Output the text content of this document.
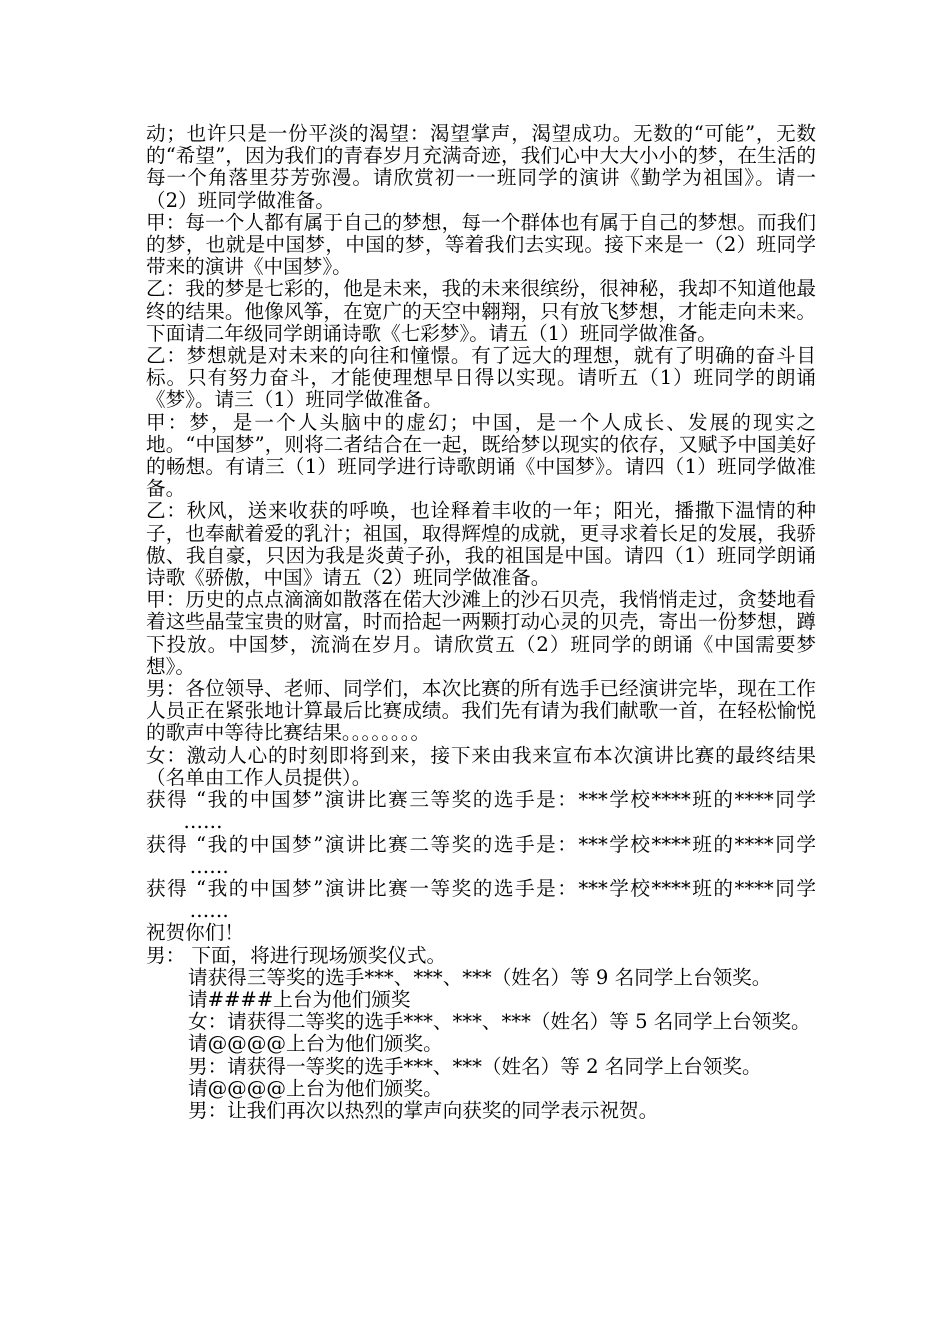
动；也许只是一份平淡的渴望：渴望掌声，渴望成功。无数的“可能”，无数的“希望”，因为我们的青春岁月充满奇迹，我们心中大大小小的梦，在生活的每一个角落里芬芳弥漫。请欣赏初一一班同学的演讲《勤学为祖国》。请一（2）班同学做准备。

甲：每一个人都有属于自己的梦想，每一个群体也有属于自己的梦想。而我们的梦，也就是中国梦，中国的梦，等着我们去实现。接下来是一（2）班同学带来的演讲《中国梦》。

乙：我的梦是七彩的，他是未来，我的未来很缤纷，很神秘，我却不知道他最终的结果。他像风筝，在宽广的天空中翱翔，只有放飞梦想，才能走向未来。下面请二年级同学朗诵诗歌《七彩梦》。请五（1）班同学做准备。

乙：梦想就是对未来的向往和憧憬。有了远大的理想，就有了明确的奋斗目标。只有努力奋斗，才能使理想早日得以实现。请听五（1）班同学的朗诵《梦》。请三（1）班同学做准备。

甲：梦，是一个人头脑中的虚幻；中国，是一个人成长、发展的现实之地。“中国梦”，则将二者结合在一起，既给梦以现实的依存，又赋予中国美好的畅想。有请三（1）班同学进行诗歌朗诵《中国梦》。请四（1）班同学做准备。

乙：秋风，送来收获的呼唤，也诠释着丰收的一年；阳光，播撒下温情的种子，也奉献着爱的乳汁；祖国，取得辉煌的成就，更寻求着长足的发展，我骄傲、我自豪，只因为我是炎黄子孙，我的祖国是中国。请四（1）班同学朗诵诗歌《骄傲，中国》请五（2）班同学做准备。

甲：历史的点点滴滴如散落在偌大沙滩上的沙石贝壳，我悄悄走过，贪婪地看着这些晶莹宝贵的财富，时而拾起一两颗打动心灵的贝壳，寄出一份梦想，蹲下投放。中国梦，流淌在岁月。请欣赏五（2）班同学的朗诵《中国需要梦想》。

男：各位领导、老师、同学们，本次比赛的所有选手已经演讲完毕，现在工作人员正在紧张地计算最后比赛成绩。我们先有请为我们献歌一首，在轻松愉悦的歌声中等待比赛结果。。。。。。。。

女：激动人心的时刻即将到来，接下来由我来宣布本次演讲比赛的最终结果（名单由工作人员提供）。

获得 “我的中国梦”演讲比赛三等奖的选手是：***学校****班的****同学      ……

获得 “我的中国梦”演讲比赛二等奖的选手是：***学校****班的****同学       ……

获得 “我的中国梦”演讲比赛一等奖的选手是：***学校****班的****同学       ……

祝贺你们！

男： 下面，将进行现场颁奖仪式。

请获得三等奖的选手***、***、***（姓名）等 9 名同学上台领奖。

请####上台为他们颁奖

女：请获得二等奖的选手***、***、***（姓名）等 5 名同学上台领奖。

请@@@@上台为他们颁奖。

男：请获得一等奖的选手***、***（姓名）等 2 名同学上台领奖。

请@@@@上台为他们颁奖。

男：让我们再次以热烈的掌声向获奖的同学表示祝贺。
